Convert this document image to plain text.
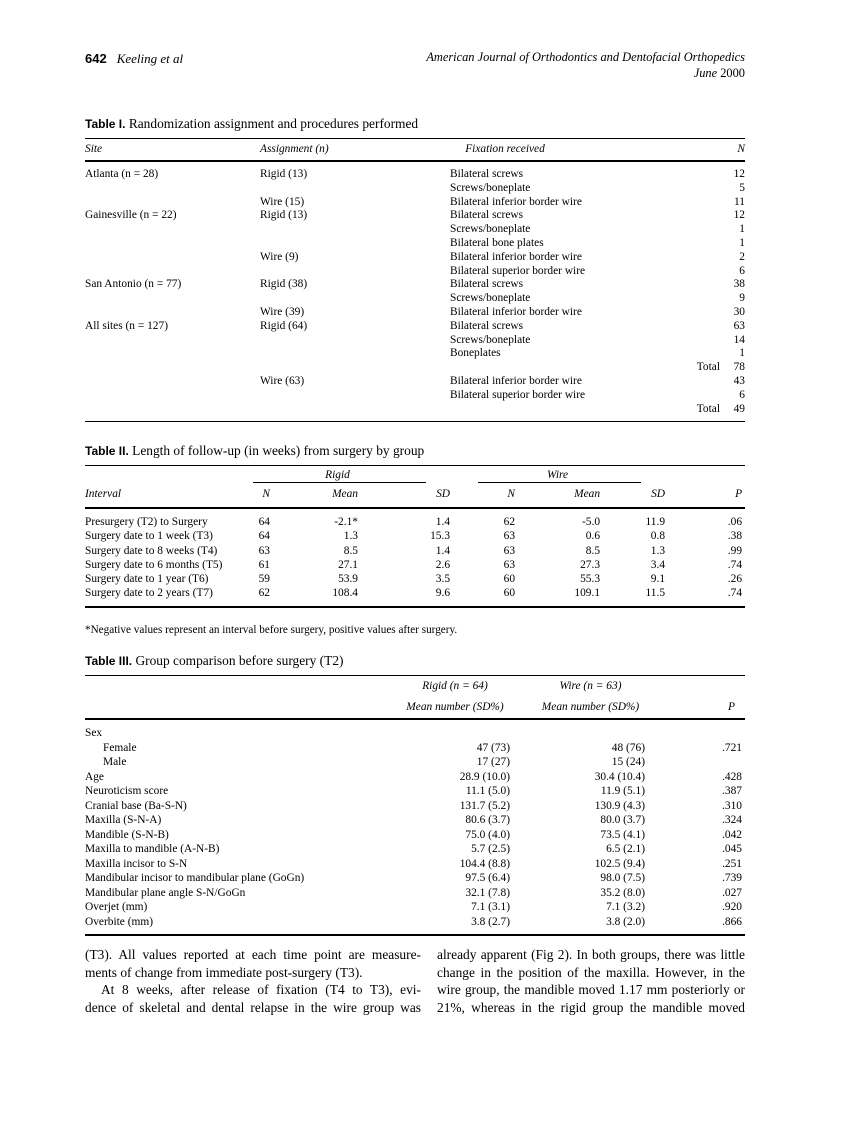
642 Keeling et al	American Journal of Orthodontics and Dentofacial Orthopedics
June 2000
Table I. Randomization assignment and procedures performed
Site	Assignment (n)	Fixation received		N
Atlanta (n = 28)	Rigid (13)	Bilateral screws		12
		Screws/boneplate		5
	Wire (15)	Bilateral inferior border wire		11
Gainesville (n = 22)	Rigid (13)	Bilateral screws		12
		Screws/boneplate		1
		Bilateral bone plates		1
	Wire (9)	Bilateral inferior border wire		2
		Bilateral superior border wire		6
San Antonio (n = 77)	Rigid (38)	Bilateral screws		38
		Screws/boneplate		9
	Wire (39)	Bilateral inferior border wire		30
All sites (n = 127)	Rigid (64)	Bilateral screws		63
		Screws/boneplate		14
		Boneplates		1
			Total	78
	Wire (63)	Bilateral inferior border wire		43
		Bilateral superior border wire		6
			Total	49
Table II. Length of follow-up (in weeks) from surgery by group
	Rigid			Wire			
Interval	N	Mean	SD	N	Mean	SD	P
Presurgery (T2) to Surgery	64	-2.1*	1.4	62	-5.0	11.9	.06
Surgery date to 1 week (T3)	64	1.3	15.3	63	0.6	0.8	.38
Surgery date to 8 weeks (T4)	63	8.5	1.4	63	8.5	1.3	.99
Surgery date to 6 months (T5)	61	27.1	2.6	63	27.3	3.4	.74
Surgery date to 1 year (T6)	59	53.9	3.5	60	55.3	9.1	.26
Surgery date to 2 years (T7)	62	108.4	9.6	60	109.1	11.5	.74
*Negative values represent an interval before surgery, positive values after surgery.
Table III. Group comparison before surgery (T2)
	Rigid (n = 64)	Wire (n = 63)	
	Mean number (SD%)	Mean number (SD%)	P
Sex			
Female	47 (73)	48 (76)	.721
Male	17 (27)	15 (24)	
Age	28.9 (10.0)	30.4 (10.4)	.428
Neuroticism score	11.1 (5.0)	11.9 (5.1)	.387
Cranial base (Ba-S-N)	131.7 (5.2)	130.9 (4.3)	.310
Maxilla (S-N-A)	80.6 (3.7)	80.0 (3.7)	.324
Mandible (S-N-B)	75.0 (4.0)	73.5 (4.1)	.042
Maxilla to mandible (A-N-B)	5.7 (2.5)	6.5 (2.1)	.045
Maxilla incisor to S-N	104.4 (8.8)	102.5 (9.4)	.251
Mandibular incisor to mandibular plane (GoGn)	97.5 (6.4)	98.0 (7.5)	.739
Mandibular plane angle S-N/GoGn	32.1 (7.8)	35.2 (8.0)	.027
Overjet (mm)	7.1 (3.1)	7.1 (3.2)	.920
Overbite (mm)	3.8 (2.7)	3.8 (2.0)	.866
(T3). All values reported at each time point are measure-
ments of change from immediate post-surgery (T3).
At 8 weeks, after release of fixation (T4 to T3), evi-
dence of skeletal and dental relapse in the wire group was
already apparent (Fig 2). In both groups, there was little
change in the position of the maxilla. However, in the
wire group, the mandible moved 1.17 mm posteriorly or
21%, whereas in the rigid group the mandible moved
